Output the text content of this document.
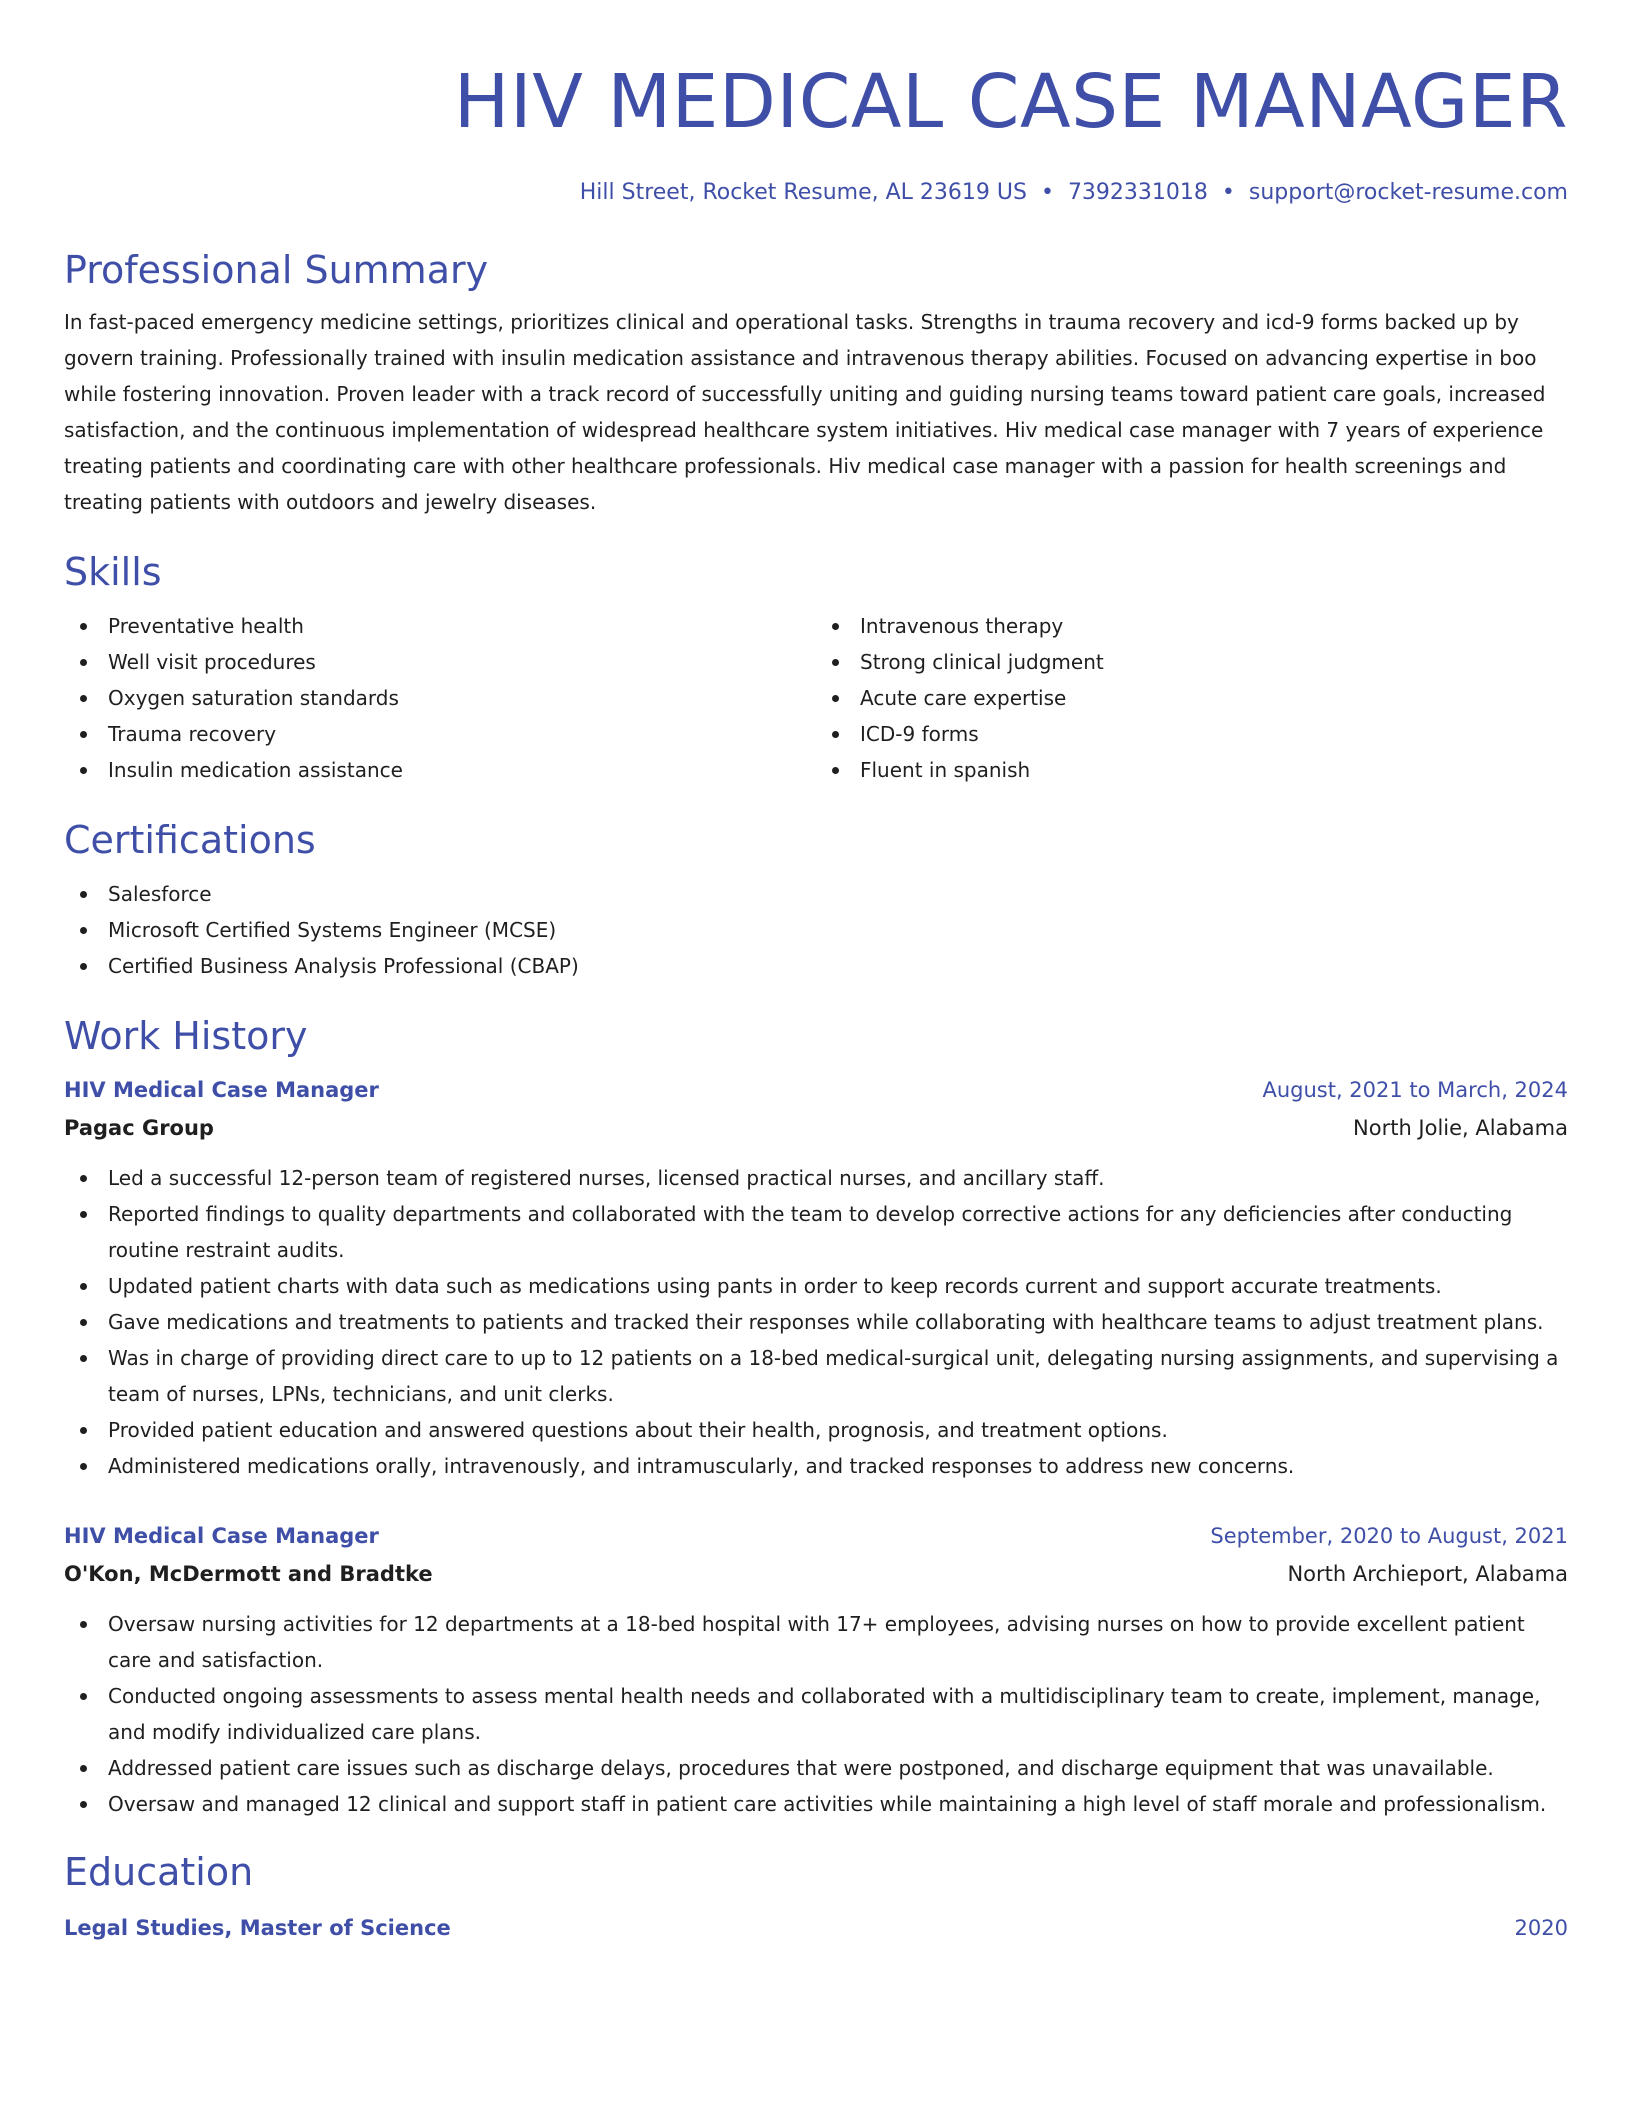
HIV MEDICAL CASE MANAGER
Hill Street, Rocket Resume, AL 23619 US • 7392331018 • support@rocket-resume.com
Professional Summary

In fast-paced emergency medicine settings, prioritizes clinical and operational tasks. Strengths in trauma recovery and icd-9 forms backed up by govern training. Professionally trained with insulin medication assistance and intravenous therapy abilities. Focused on advancing expertise in boo while fostering innovation. Proven leader with a track record of successfully uniting and guiding nursing teams toward patient care goals, increased satisfaction, and the continuous implementation of widespread healthcare system initiatives. Hiv medical case manager with 7 years of experience treating patients and coordinating care with other healthcare professionals. Hiv medical case manager with a passion for health screenings and treating patients with outdoors and jewelry diseases.

Skills
Preventative health
Well visit procedures
Oxygen saturation standards
Trauma recovery
Insulin medication assistance
Intravenous therapy
Strong clinical judgment
Acute care expertise
ICD-9 forms
Fluent in spanish
Certifications
Salesforce
Microsoft Certified Systems Engineer (MCSE)
Certified Business Analysis Professional (CBAP)
Work History
HIV Medical Case Manager	August, 2021 to March, 2024
Pagac Group	North Jolie, Alabama
Led a successful 12-person team of registered nurses, licensed practical nurses, and ancillary staff.
Reported findings to quality departments and collaborated with the team to develop corrective actions for any deficiencies after conducting routine restraint audits.
Updated patient charts with data such as medications using pants in order to keep records current and support accurate treatments.
Gave medications and treatments to patients and tracked their responses while collaborating with healthcare teams to adjust treatment plans.
Was in charge of providing direct care to up to 12 patients on a 18-bed medical-surgical unit, delegating nursing assignments, and supervising a team of nurses, LPNs, technicians, and unit clerks.
Provided patient education and answered questions about their health, prognosis, and treatment options.
Administered medications orally, intravenously, and intramuscularly, and tracked responses to address new concerns.
HIV Medical Case Manager	September, 2020 to August, 2021
O'Kon, McDermott and Bradtke	North Archieport, Alabama
Oversaw nursing activities for 12 departments at a 18-bed hospital with 17+ employees, advising nurses on how to provide excellent patient care and satisfaction.
Conducted ongoing assessments to assess mental health needs and collaborated with a multidisciplinary team to create, implement, manage, and modify individualized care plans.
Addressed patient care issues such as discharge delays, procedures that were postponed, and discharge equipment that was unavailable.
Oversaw and managed 12 clinical and support staff in patient care activities while maintaining a high level of staff morale and professionalism.
Education
Legal Studies, Master of Science	2020
